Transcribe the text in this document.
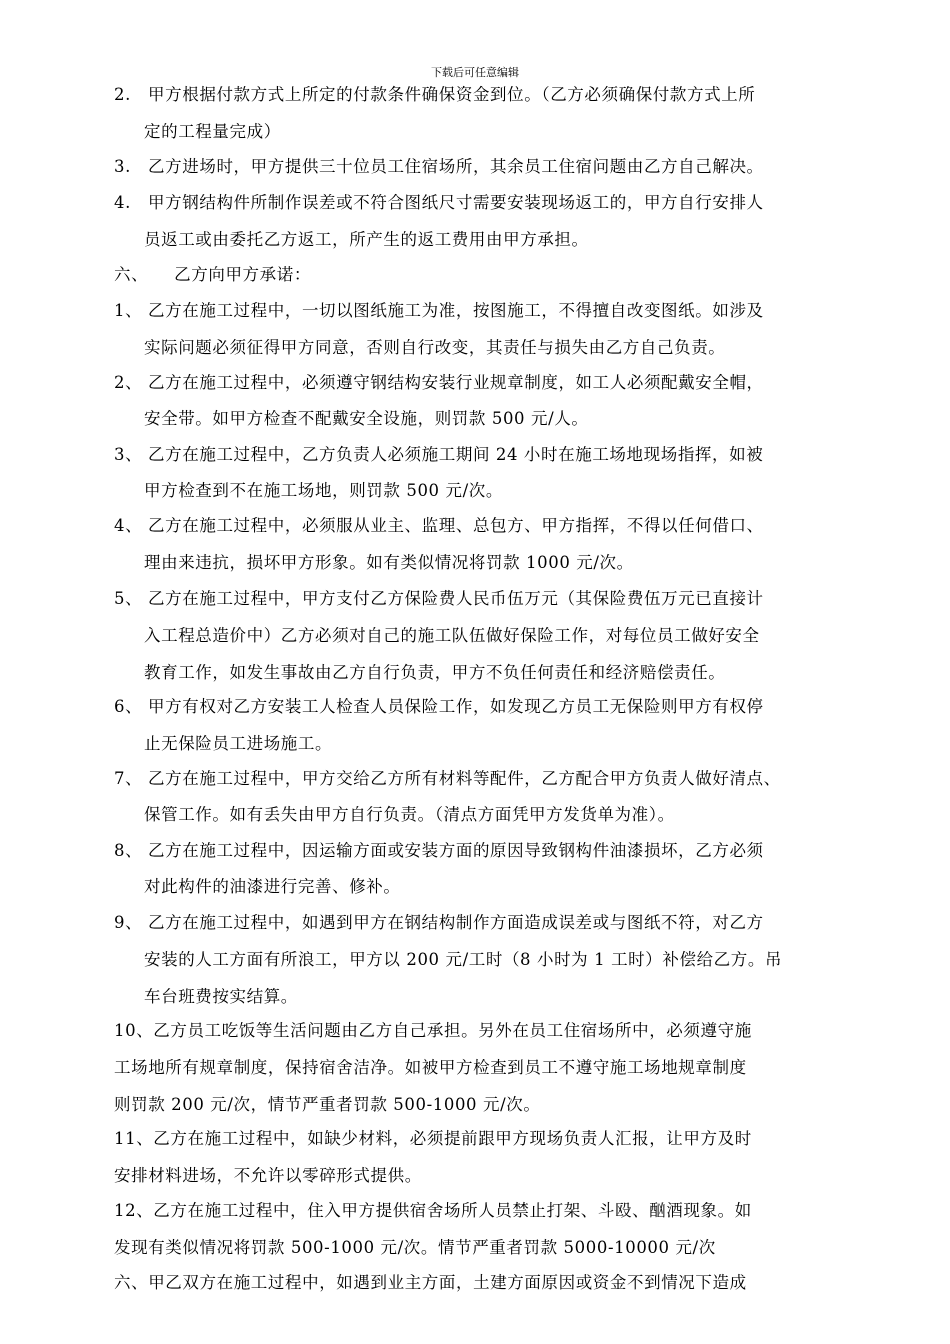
下载后可任意编辑
2.　甲方根据付款方式上所定的付款条件确保资金到位。（乙方必须确保付款方式上所
定的工程量完成）
3.　乙方进场时，甲方提供三十位员工住宿场所，其余员工住宿问题由乙方自己解决。
4.　甲方钢结构件所制作误差或不符合图纸尺寸需要安装现场返工的，甲方自行安排人
员返工或由委托乙方返工，所产生的返工费用由甲方承担。
六、　　乙方向甲方承诺：
1、 乙方在施工过程中，一切以图纸施工为准，按图施工，不得擅自改变图纸。如涉及
实际问题必须征得甲方同意，否则自行改变，其责任与损失由乙方自己负责。
2、 乙方在施工过程中，必须遵守钢结构安装行业规章制度，如工人必须配戴安全帽，
安全带。如甲方检查不配戴安全设施，则罚款 500 元/人。
3、 乙方在施工过程中，乙方负责人必须施工期间 24 小时在施工场地现场指挥，如被
甲方检查到不在施工场地，则罚款 500 元/次。
4、 乙方在施工过程中，必须服从业主、监理、总包方、甲方指挥，不得以任何借口、
理由来违抗，损坏甲方形象。如有类似情况将罚款 1000 元/次。
5、 乙方在施工过程中，甲方支付乙方保险费人民币伍万元（其保险费伍万元已直接计
入工程总造价中）乙方必须对自己的施工队伍做好保险工作，对每位员工做好安全
教育工作，如发生事故由乙方自行负责，甲方不负任何责任和经济赔偿责任。
6、 甲方有权对乙方安装工人检查人员保险工作，如发现乙方员工无保险则甲方有权停
止无保险员工进场施工。
7、 乙方在施工过程中，甲方交给乙方所有材料等配件，乙方配合甲方负责人做好清点、
保管工作。如有丢失由甲方自行负责。（清点方面凭甲方发货单为准）。
8、 乙方在施工过程中，因运输方面或安装方面的原因导致钢构件油漆损坏，乙方必须
对此构件的油漆进行完善、修补。
9、 乙方在施工过程中，如遇到甲方在钢结构制作方面造成误差或与图纸不符，对乙方
安装的人工方面有所浪工，甲方以 200 元/工时（8 小时为 1 工时）补偿给乙方。吊
车台班费按实结算。
10、乙方员工吃饭等生活问题由乙方自己承担。另外在员工住宿场所中，必须遵守施
工场地所有规章制度，保持宿舍洁净。如被甲方检查到员工不遵守施工场地规章制度
则罚款 200 元/次，情节严重者罚款 500-1000 元/次。
11、乙方在施工过程中，如缺少材料，必须提前跟甲方现场负责人汇报，让甲方及时
安排材料进场，不允许以零碎形式提供。
12、乙方在施工过程中，住入甲方提供宿舍场所人员禁止打架、斗殴、酗酒现象。如
发现有类似情况将罚款 500-1000 元/次。情节严重者罚款 5000-10000 元/次
六、甲乙双方在施工过程中，如遇到业主方面，土建方面原因或资金不到情况下造成
